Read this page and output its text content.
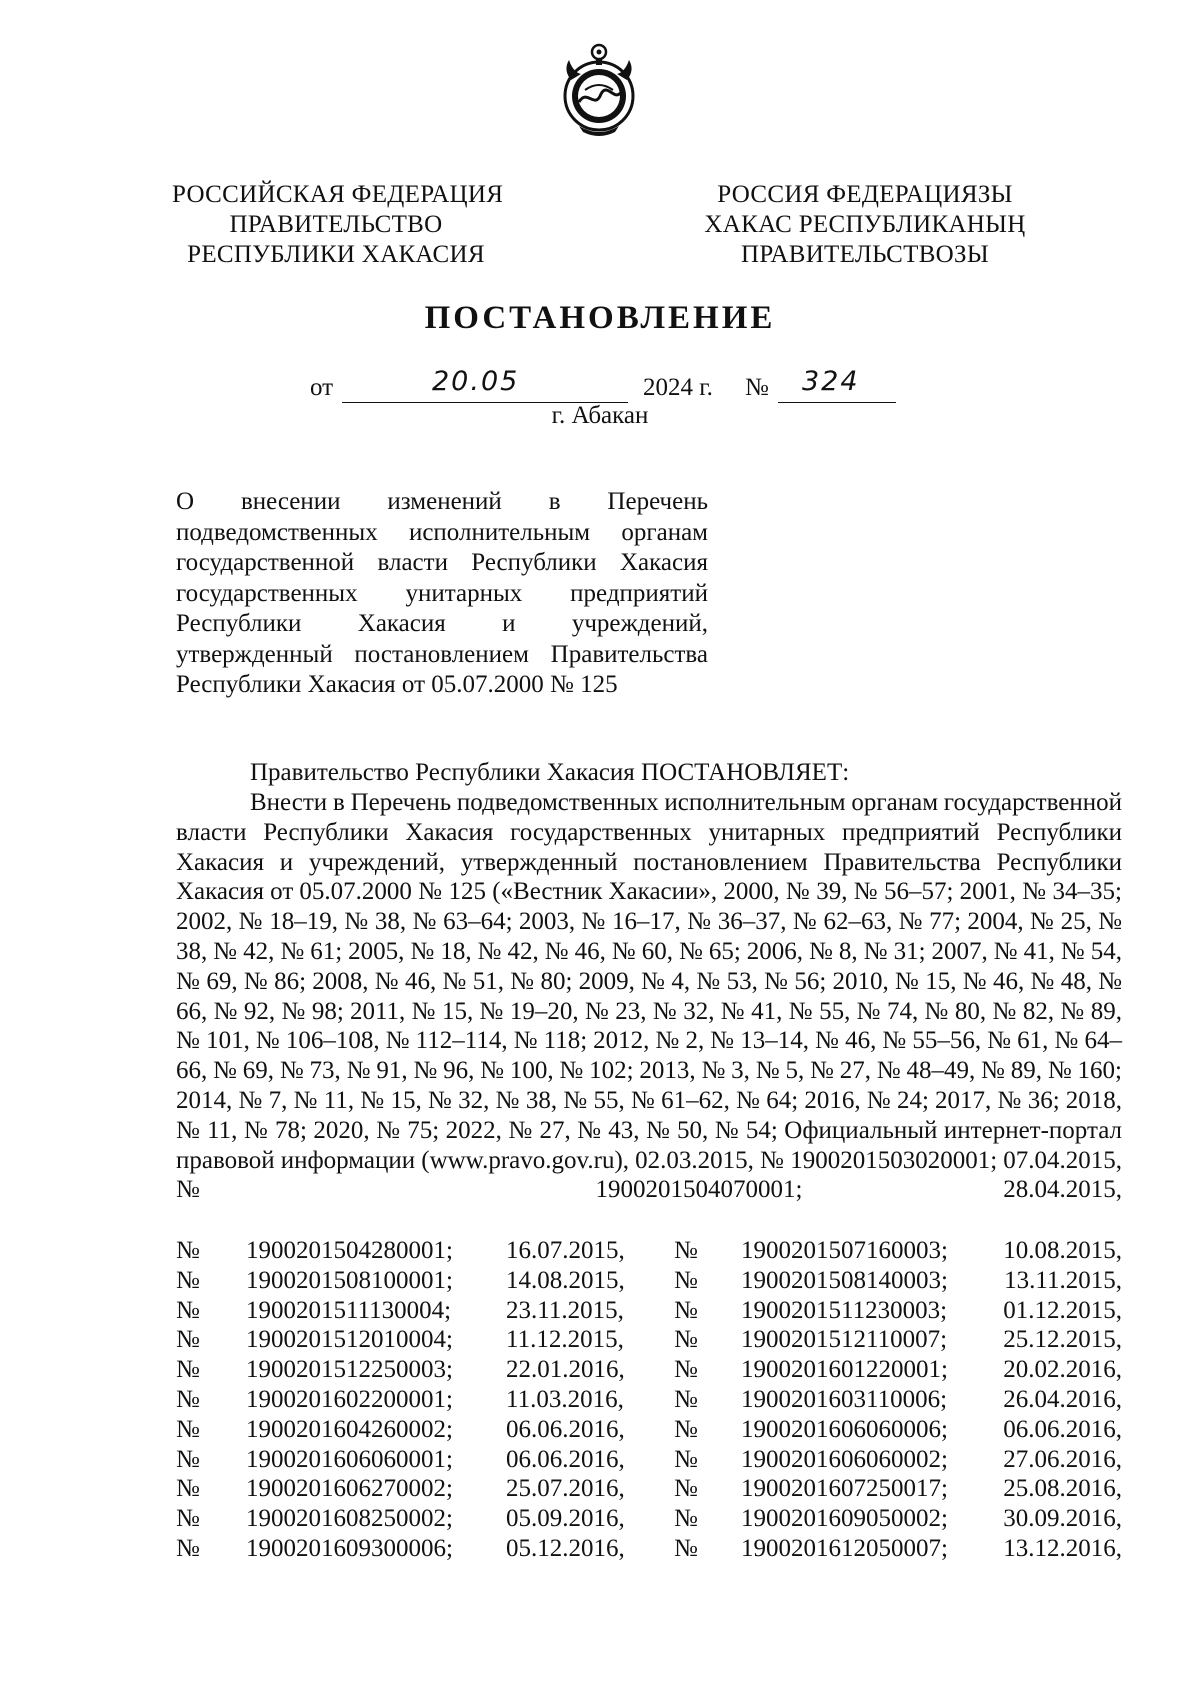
РОССИЙСКАЯ ФЕДЕРАЦИЯ
ПРАВИТЕЛЬСТВО
РЕСПУБЛИКИ ХАКАСИЯ
РОССИЯ ФЕДЕРАЦИЯЗЫ
ХАКАС РЕСПУБЛИКАНЫҢ
ПРАВИТЕЛЬСТВОЗЫ
ПОСТАНОВЛЕНИЕ
от	20.05	2024 г. № 324
г. Абакан
О внесении изменений в Перечень подведомственных исполнительным органам государственной власти Республики Хакасия государственных унитарных предприятий Республики Хакасия и учреждений, утвержденный постановлением Правительства Республики Хакасия от 05.07.2000 № 125
Правительство Республики Хакасия ПОСТАНОВЛЯЕТ:
Внести в Перечень подведомственных исполнительным органам государственной власти Республики Хакасия государственных унитарных предприятий Республики Хакасия и учреждений, утвержденный постановлением Правительства Республики Хакасия от 05.07.2000 № 125 («Вестник Хакасии», 2000, № 39, № 56–57; 2001, № 34–35; 2002, № 18–19, № 38, № 63–64; 2003, № 16–17, № 36–37, № 62–63, № 77; 2004, № 25, № 38, № 42, № 61; 2005, № 18, № 42, № 46, № 60, № 65; 2006, № 8, № 31; 2007, № 41, № 54, № 69, № 86; 2008, № 46, № 51, № 80; 2009, № 4, № 53, № 56; 2010, № 15, № 46, № 48, № 66, № 92, № 98; 2011, № 15, № 19–20, № 23, № 32, № 41, № 55, № 74, № 80, № 82, № 89, № 101, № 106–108, № 112–114, № 118; 2012, № 2, № 13–14, № 46, № 55–56, № 61, № 64–66, № 69, № 73, № 91, № 96, № 100, № 102; 2013, № 3, № 5, № 27, № 48–49, № 89, № 160; 2014, № 7, № 11, № 15, № 32, № 38, № 55, № 61–62, № 64; 2016, № 24; 2017, № 36; 2018, № 11, № 78; 2020, № 75; 2022, № 27, № 43, № 50, № 54; Официальный интернет-портал правовой информации (www.pravo.gov.ru), 02.03.2015, № 1900201503020001; 07.04.2015, № 1900201504070001; 28.04.2015,
№ 1900201504280001; 16.07.2015, № 1900201507160003; 10.08.2015,
№ 1900201508100001; 14.08.2015, № 1900201508140003; 13.11.2015,
№ 1900201511130004; 23.11.2015, № 1900201511230003; 01.12.2015,
№ 1900201512010004; 11.12.2015, № 1900201512110007; 25.12.2015,
№ 1900201512250003; 22.01.2016, № 1900201601220001; 20.02.2016,
№ 1900201602200001; 11.03.2016, № 1900201603110006; 26.04.2016,
№ 1900201604260002; 06.06.2016, № 1900201606060006; 06.06.2016,
№ 1900201606060001; 06.06.2016, № 1900201606060002; 27.06.2016,
№ 1900201606270002; 25.07.2016, № 1900201607250017; 25.08.2016,
№ 1900201608250002; 05.09.2016, № 1900201609050002; 30.09.2016,
№ 1900201609300006; 05.12.2016, № 1900201612050007; 13.12.2016,
